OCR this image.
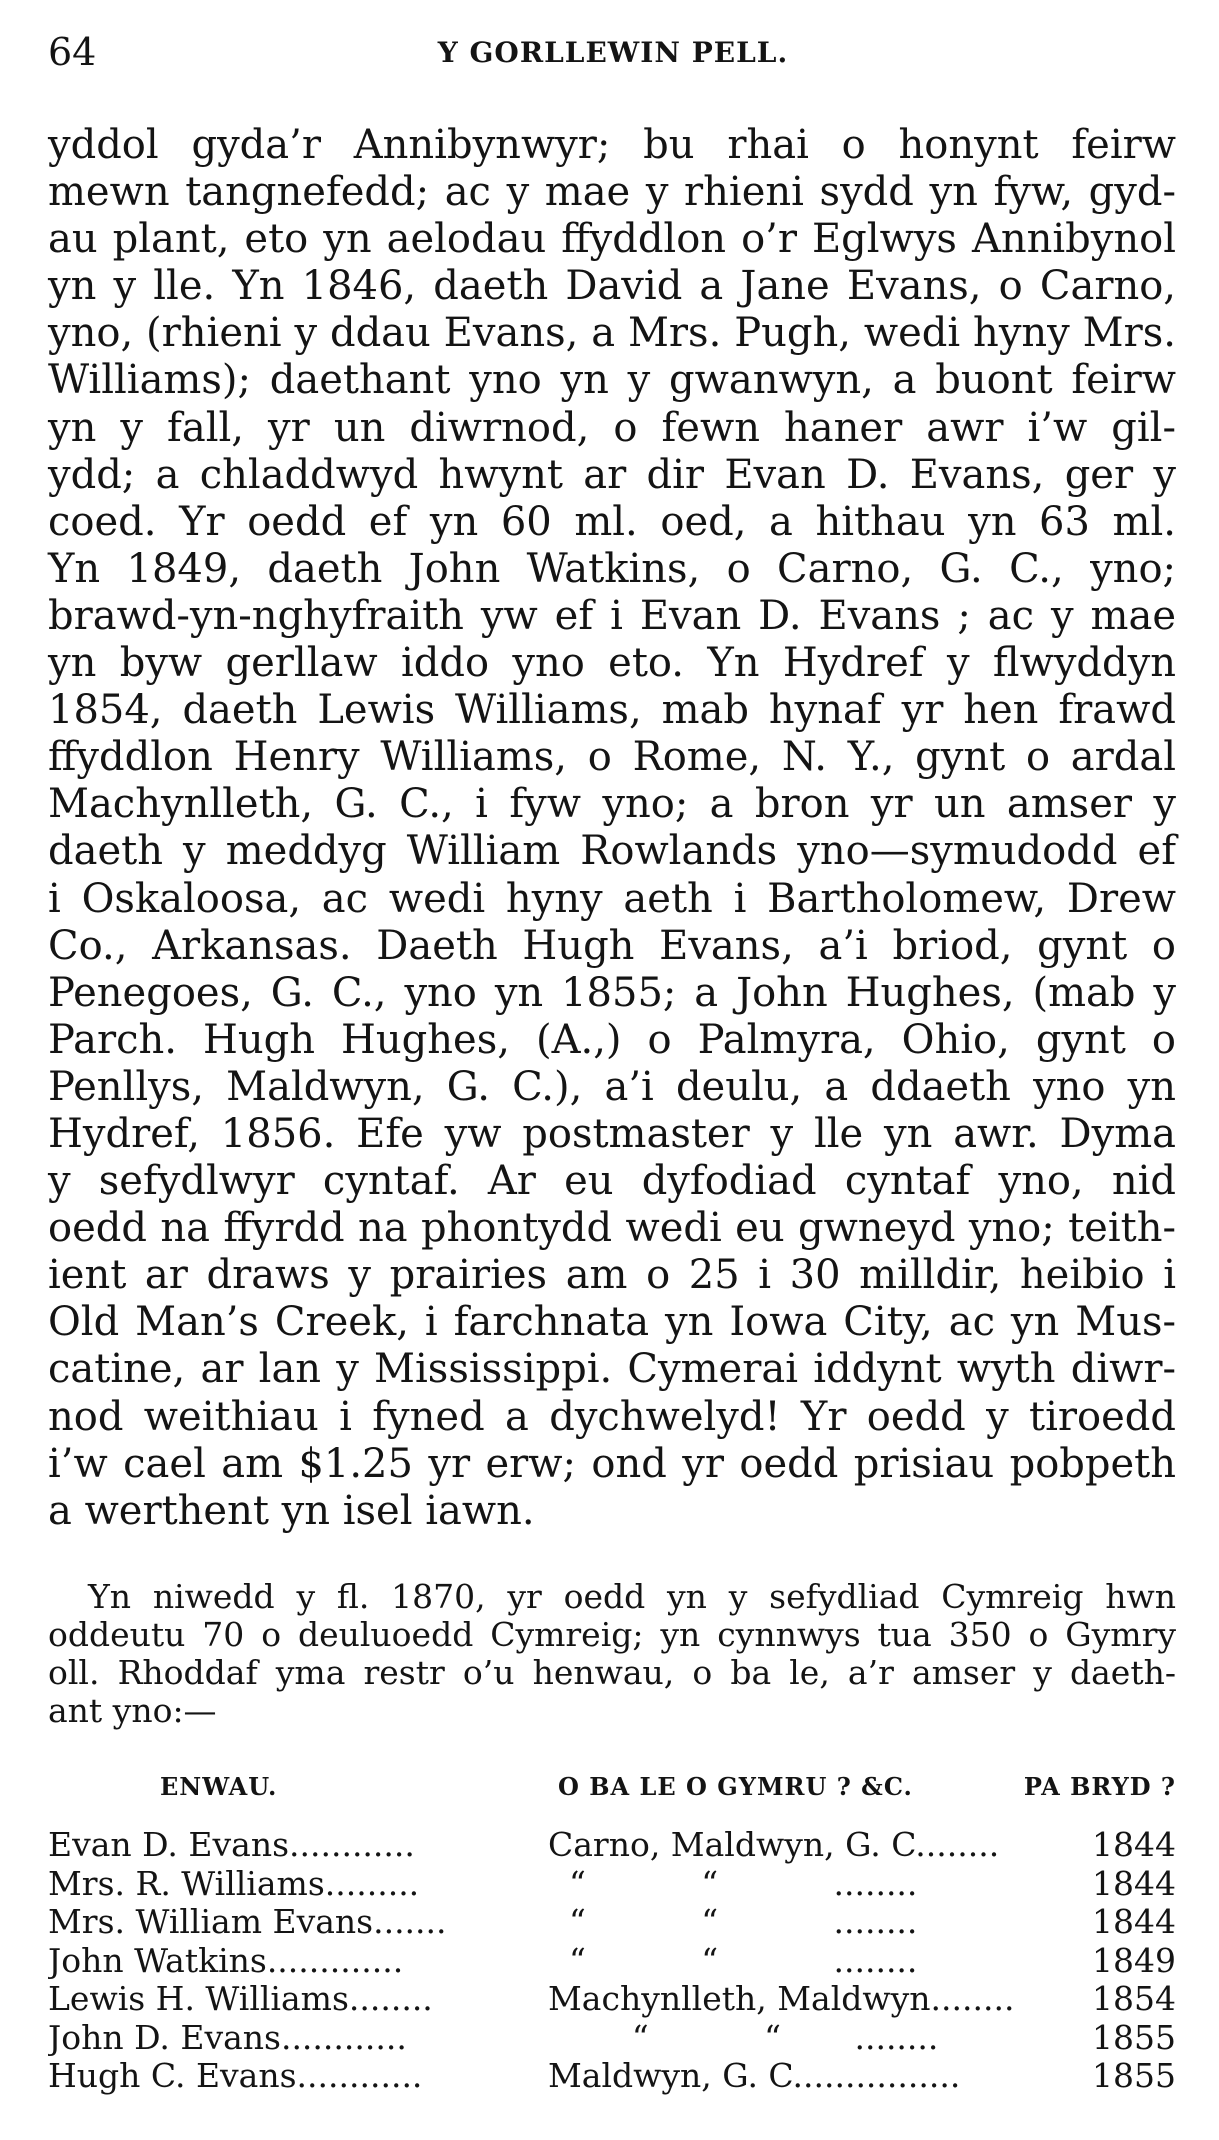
64	Y GORLLEWIN PELL.
yddol gyda’r Annibynwyr; bu rhai o honynt feirw
mewn tangnefedd; ac y mae y rhieni sydd yn fyw, gyd-
au plant, eto yn aelodau ffyddlon o’r Eglwys Annibynol
yn y lle. Yn 1846, daeth David a Jane Evans, o Carno,
yno, (rhieni y ddau Evans, a Mrs. Pugh, wedi hyny Mrs.
Williams); daethant yno yn y gwanwyn, a buont feirw
yn y fall, yr un diwrnod, o fewn haner awr i’w gil-
ydd; a chladdwyd hwynt ar dir Evan D. Evans, ger y
coed. Yr oedd ef yn 60 ml. oed, a hithau yn 63 ml.
Yn 1849, daeth John Watkins, o Carno, G. C., yno;
brawd-yn-nghyfraith yw ef i Evan D. Evans ; ac y mae
yn byw gerllaw iddo yno eto. Yn Hydref y flwyddyn
1854, daeth Lewis Williams, mab hynaf yr hen frawd
ffyddlon Henry Williams, o Rome, N. Y., gynt o ardal
Machynlleth, G. C., i fyw yno; a bron yr un amser y
daeth y meddyg William Rowlands yno—symudodd ef
i Oskaloosa, ac wedi hyny aeth i Bartholomew, Drew
Co., Arkansas. Daeth Hugh Evans, a’i briod, gynt o
Penegoes, G. C., yno yn 1855; a John Hughes, (mab y
Parch. Hugh Hughes, (A.,) o Palmyra, Ohio, gynt o
Penllys, Maldwyn, G. C.), a’i deulu, a ddaeth yno yn
Hydref, 1856. Efe yw postmaster y lle yn awr. Dyma
y sefydlwyr cyntaf. Ar eu dyfodiad cyntaf yno, nid
oedd na ffyrdd na phontydd wedi eu gwneyd yno; teith-
ient ar draws y prairies am o 25 i 30 milldir, heibio i
Old Man’s Creek, i farchnata yn Iowa City, ac yn Mus-
catine, ar lan y Mississippi. Cymerai iddynt wyth diwr-
nod weithiau i fyned a dychwelyd! Yr oedd y tiroedd
i’w cael am $1.25 yr erw; ond yr oedd prisiau pobpeth
a werthent yn isel iawn.
Yn niwedd y fl. 1870, yr oedd yn y sefydliad Cymreig hwn
oddeutu 70 o deuluoedd Cymreig; yn cynnwys tua 350 o Gymry
oll. Rhoddaf yma restr o’u henwau, o ba le, a’r amser y daeth-
ant yno:—
ENWAU.	O BA LE O GYMRU ? &C.	PA BRYD ?
Evan D. Evans............	Carno, Maldwyn, G. C........	1844
Mrs. R. Williams.........	“           “           ........	1844
Mrs. William Evans.......	“           “           ........	1844
John Watkins.............	“           “           ........	1849
Lewis H. Williams........	Machynlleth, Maldwyn........	1854
John D. Evans............	“           “       ........	1855
Hugh C. Evans............	Maldwyn, G. C................	1855
